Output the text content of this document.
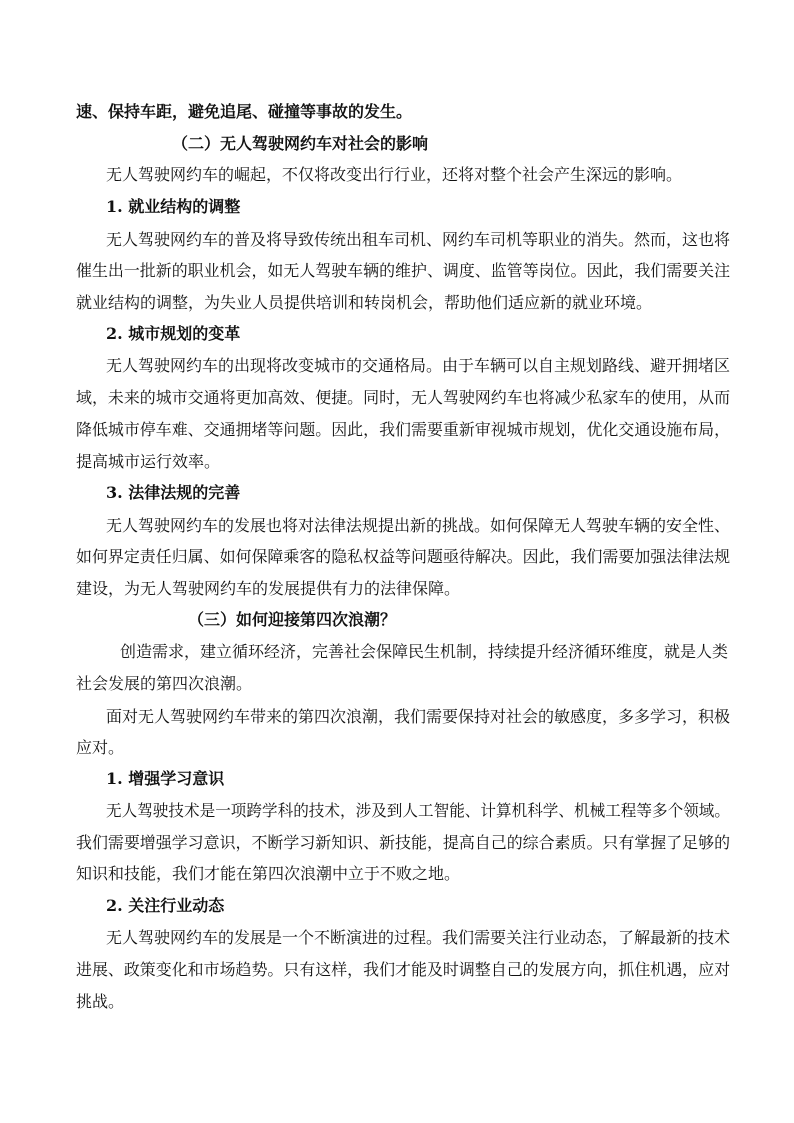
速、保持车距，避免追尾、碰撞等事故的发生。
（二）无人驾驶网约车对社会的影响
无人驾驶网约车的崛起，不仅将改变出行行业，还将对整个社会产生深远的影响。
1. 就业结构的调整
无人驾驶网约车的普及将导致传统出租车司机、网约车司机等职业的消失。然而，这也将
催生出一批新的职业机会，如无人驾驶车辆的维护、调度、监管等岗位。因此，我们需要关注
就业结构的调整，为失业人员提供培训和转岗机会，帮助他们适应新的就业环境。
2. 城市规划的变革
无人驾驶网约车的出现将改变城市的交通格局。由于车辆可以自主规划路线、避开拥堵区
域，未来的城市交通将更加高效、便捷。同时，无人驾驶网约车也将减少私家车的使用，从而
降低城市停车难、交通拥堵等问题。因此，我们需要重新审视城市规划，优化交通设施布局，
提高城市运行效率。
3. 法律法规的完善
无人驾驶网约车的发展也将对法律法规提出新的挑战。如何保障无人驾驶车辆的安全性、
如何界定责任归属、如何保障乘客的隐私权益等问题亟待解决。因此，我们需要加强法律法规
建设，为无人驾驶网约车的发展提供有力的法律保障。
（三）如何迎接第四次浪潮？
创造需求，建立循环经济，完善社会保障民生机制，持续提升经济循环维度，就是人类
社会发展的第四次浪潮。
面对无人驾驶网约车带来的第四次浪潮，我们需要保持对社会的敏感度，多多学习，积极
应对。
1. 增强学习意识
无人驾驶技术是一项跨学科的技术，涉及到人工智能、计算机科学、机械工程等多个领域。
我们需要增强学习意识，不断学习新知识、新技能，提高自己的综合素质。只有掌握了足够的
知识和技能，我们才能在第四次浪潮中立于不败之地。
2. 关注行业动态
无人驾驶网约车的发展是一个不断演进的过程。我们需要关注行业动态，了解最新的技术
进展、政策变化和市场趋势。只有这样，我们才能及时调整自己的发展方向，抓住机遇，应对
挑战。
